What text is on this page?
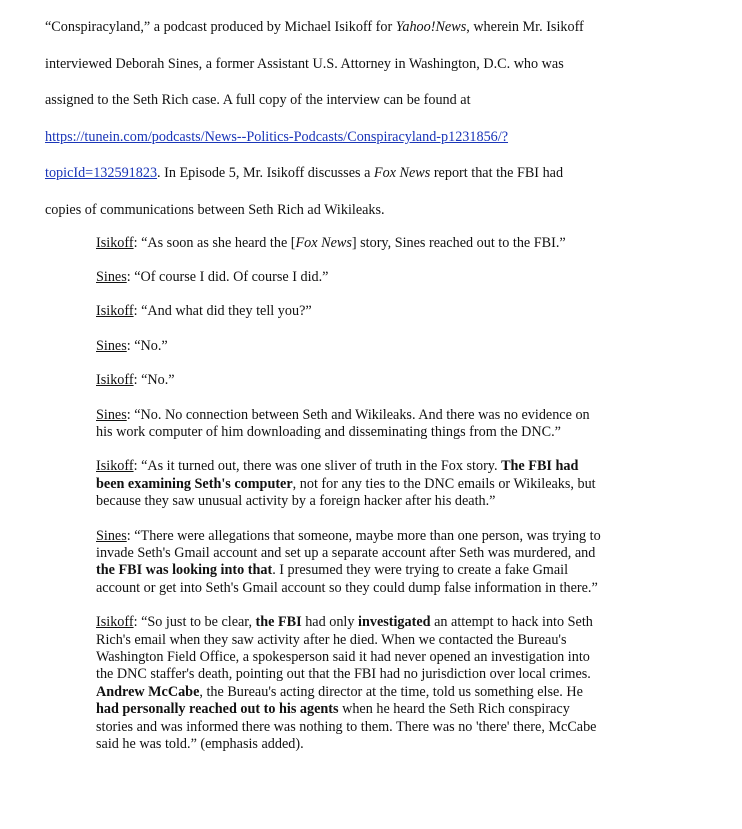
“Conspiracyland,” a podcast produced by Michael Isikoff for Yahoo!News, wherein Mr. Isikoff
interviewed Deborah Sines, a former Assistant U.S. Attorney in Washington, D.C. who was
assigned to the Seth Rich case. A full copy of the interview can be found at
https://tunein.com/podcasts/News--Politics-Podcasts/Conspiracyland-p1231856/?
topicId=132591823. In Episode 5, Mr. Isikoff discusses a Fox News report that the FBI had
copies of communications between Seth Rich ad Wikileaks.

Isikoff: “As soon as she heard the [Fox News] story, Sines reached out to the FBI.”

Sines: “Of course I did. Of course I did.”

Isikoff: “And what did they tell you?”

Sines: “No.”

Isikoff: “No.”

Sines: “No. No connection between Seth and Wikileaks. And there was no evidence on
his work computer of him downloading and disseminating things from the DNC.”

Isikoff: “As it turned out, there was one sliver of truth in the Fox story. The FBI had
been examining Seth's computer, not for any ties to the DNC emails or Wikileaks, but
because they saw unusual activity by a foreign hacker after his death.”

Sines: “There were allegations that someone, maybe more than one person, was trying to
invade Seth's Gmail account and set up a separate account after Seth was murdered, and
the FBI was looking into that. I presumed they were trying to create a fake Gmail
account or get into Seth's Gmail account so they could dump false information in there.”

Isikoff: “So just to be clear, the FBI had only investigated an attempt to hack into Seth
Rich's email when they saw activity after he died. When we contacted the Bureau's
Washington Field Office, a spokesperson said it had never opened an investigation into
the DNC staffer's death, pointing out that the FBI had no jurisdiction over local crimes.
Andrew McCabe, the Bureau's acting director at the time, told us something else. He
had personally reached out to his agents when he heard the Seth Rich conspiracy
stories and was informed there was nothing to them. There was no 'there' there, McCabe
said he was told.” (emphasis added).
